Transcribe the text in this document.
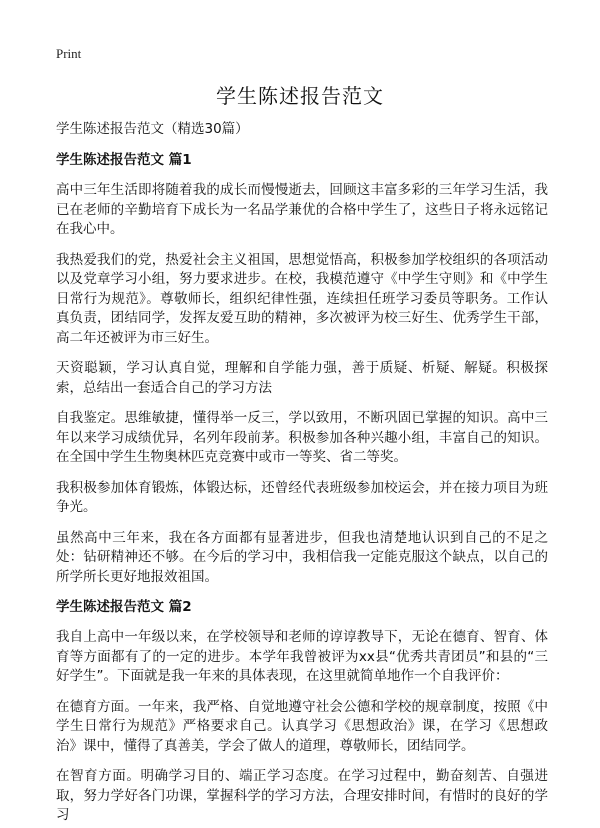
Print
学生陈述报告范文
学生陈述报告范文（精选30篇）
学生陈述报告范文 篇1

高中三年生活即将随着我的成长而慢慢逝去，回顾这丰富多彩的三年学习生活，我已在老师的辛勤培育下成长为一名品学兼优的合格中学生了，这些日子将永远铭记在我心中。

我热爱我们的党，热爱社会主义祖国，思想觉悟高，积极参加学校组织的各项活动以及党章学习小组，努力要求进步。在校，我模范遵守《中学生守则》和《中学生日常行为规范》。尊敬师长，组织纪律性强，连续担任班学习委员等职务。工作认真负责，团结同学，发挥友爱互助的精神，多次被评为校三好生、优秀学生干部，高二年还被评为市三好生。

天资聪颖，学习认真自觉，理解和自学能力强，善于质疑、析疑、解疑。积极探索，总结出一套适合自己的学习方法

自我鉴定。思维敏捷，懂得举一反三，学以致用，不断巩固已掌握的知识。高中三年以来学习成绩优异，名列年段前茅。积极参加各种兴趣小组，丰富自己的知识。在全国中学生生物奥林匹克竞赛中或市一等奖、省二等奖。

我积极参加体育锻炼，体锻达标，还曾经代表班级参加校运会，并在接力项目为班争光。

虽然高中三年来，我在各方面都有显著进步，但我也清楚地认识到自己的不足之处：钻研精神还不够。在今后的学习中，我相信我一定能克服这个缺点，以自己的所学所长更好地报效祖国。

学生陈述报告范文 篇2

我自上高中一年级以来，在学校领导和老师的谆谆教导下，无论在德育、智育、体育等方面都有了的一定的进步。本学年我曾被评为xx县“优秀共青团员”和县的“三好学生”。下面就是我一年来的具体表现，在这里就简单地作一个自我评价：

在德育方面。一年来，我严格、自觉地遵守社会公德和学校的规章制度，按照《中学生日常行为规范》严格要求自己。认真学习《思想政治》课，在学习《思想政治》课中，懂得了真善美，学会了做人的道理，尊敬师长，团结同学。

在智育方面。明确学习目的、端正学习态度。在学习过程中，勤奋刻苦、自强进取，努力学好各门功课，掌握科学的学习方法，合理安排时间，有惜时的良好的学习
